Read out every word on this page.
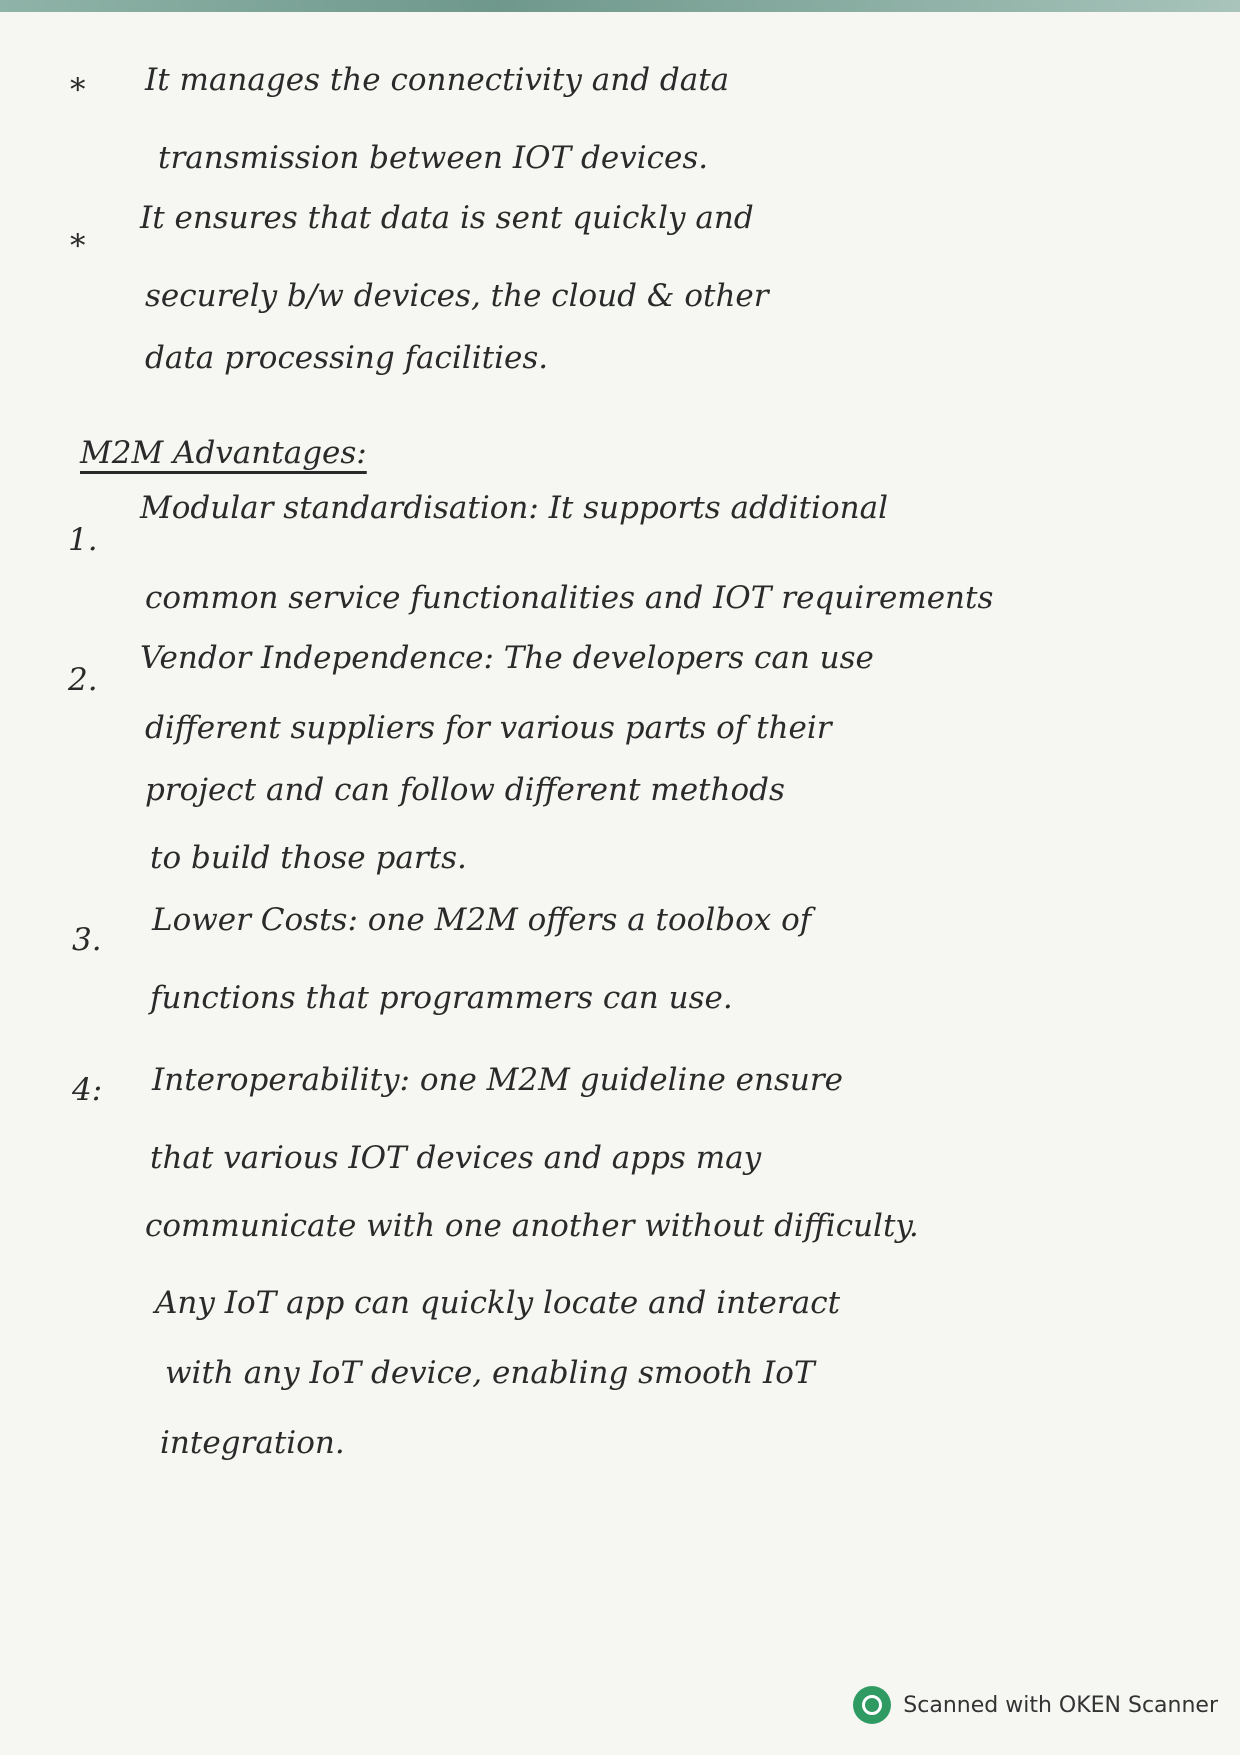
* It manages the connectivity and data
transmission between IOT devices.
*
It ensures that data is sent quickly and
securely b/w devices, the cloud & other
data processing facilities.
M2M Advantages:
1.
Modular standardisation: It supports additional
common service functionalities and IOT requirements
2.
Vendor Independence: The developers can use
different suppliers for various parts of their
project and can follow different methods
to build those parts.
3.
Lower Costs: one M2M offers a toolbox of
functions that programmers can use.
4: Interoperability: one M2M guideline ensure
that various IOT devices and apps may
communicate with one another without difficulty.
Any IoT app can quickly locate and interact
with any IoT device, enabling smooth IoT
integration.
Scanned with OKEN Scanner
